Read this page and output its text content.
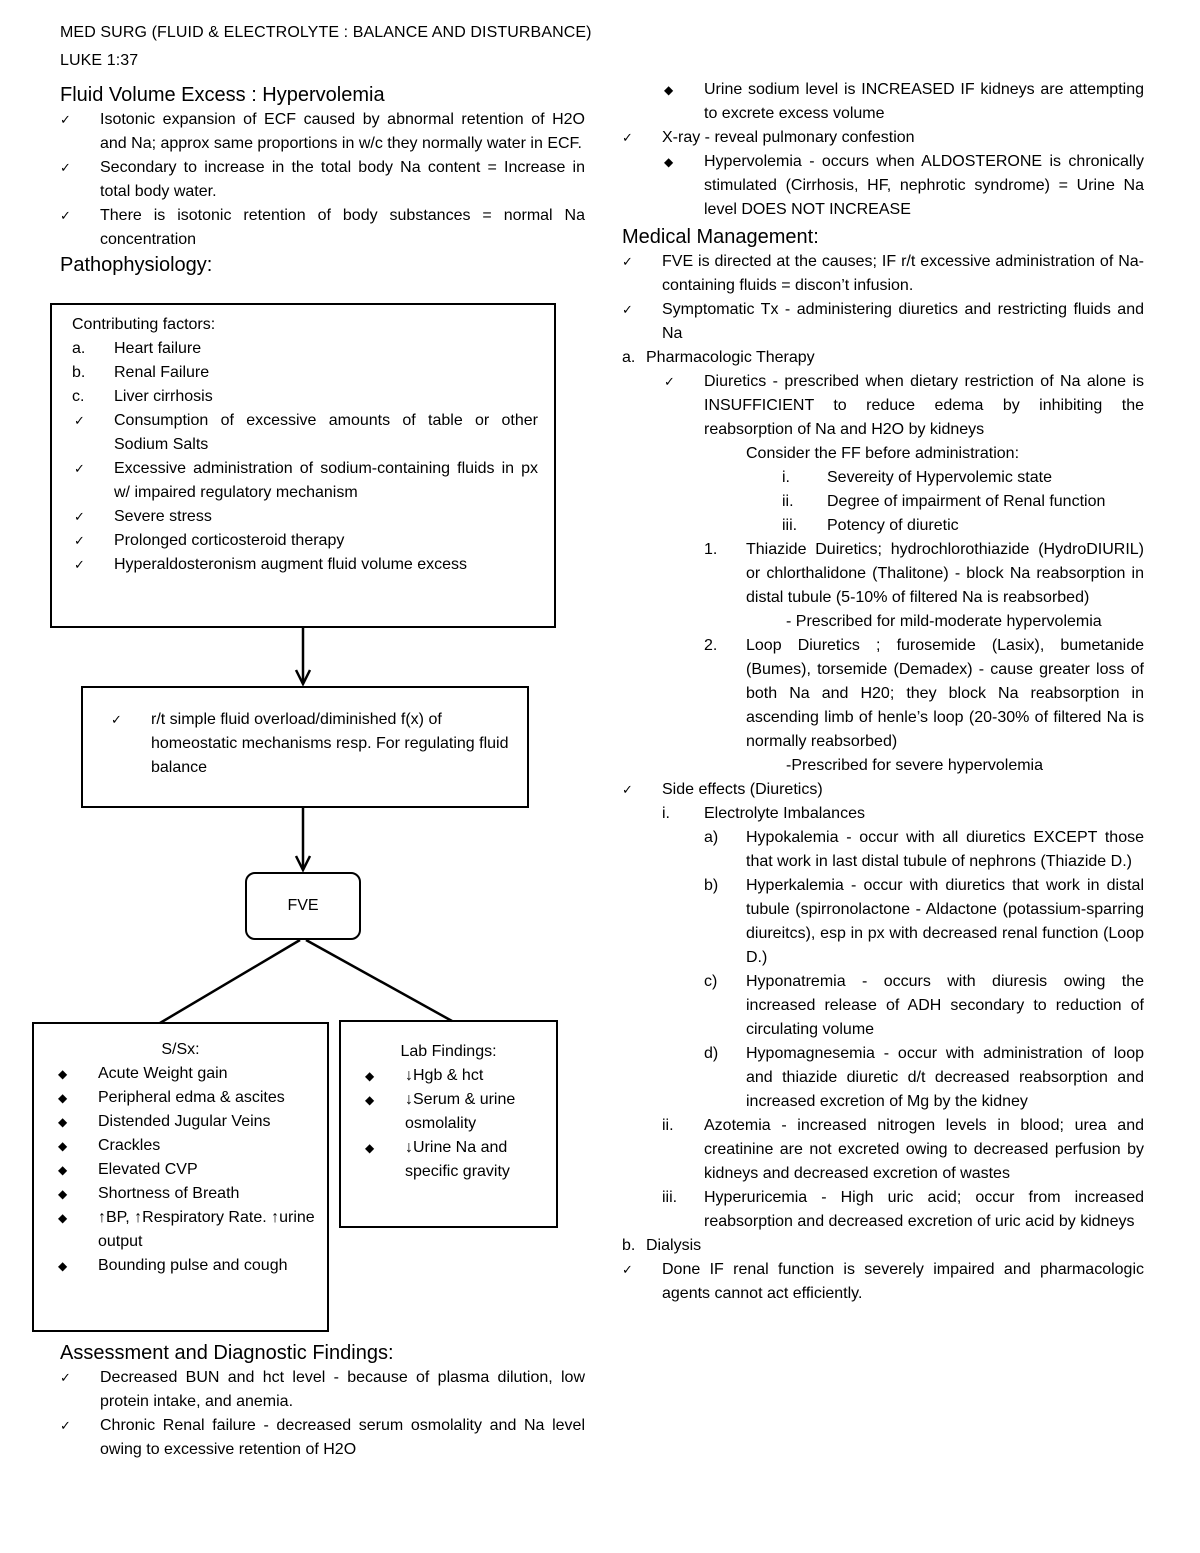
MED SURG (FLUID & ELECTROLYTE : BALANCE AND DISTURBANCE)
LUKE 1:37
Fluid Volume Excess : Hypervolemia
✓ Isotonic expansion of ECF caused by abnormal retention of H2O and Na; approx same proportions in w/c they normally water in ECF.
✓ Secondary to increase in the total body Na content = Increase in total body water.
✓ There is isotonic retention of body substances = normal Na concentration
Pathophysiology:
Contributing factors:
a. Heart failure
b. Renal Failure
c. Liver cirrhosis
✓ Consumption of excessive amounts of table or other Sodium Salts
✓ Excessive administration of sodium-containing fluids in px w/ impaired regulatory mechanism
✓ Severe stress
✓ Prolonged corticosteroid therapy
✓ Hyperaldosteronism augment fluid volume excess
✓ r/t simple fluid overload/diminished f(x) of homeostatic mechanisms resp. For regulating fluid balance
FVE
S/Sx:
◆ Acute Weight gain
◆ Peripheral edma & ascites
◆ Distended Jugular Veins
◆ Crackles
◆ Elevated CVP
◆ Shortness of Breath
◆ ↑BP, ↑Respiratory Rate. ↑urine output
◆ Bounding pulse and cough
Lab Findings:
◆ ↓Hgb & hct
◆ ↓Serum & urine osmolality
◆ ↓Urine Na and specific gravity
Assessment and Diagnostic Findings:
✓ Decreased BUN and hct level - because of plasma dilution, low protein intake, and anemia.
✓ Chronic Renal failure - decreased serum osmolality and Na level owing to excessive retention of H2O
◆ Urine sodium level is INCREASED IF kidneys are attempting to excrete excess volume
✓ X-ray - reveal pulmonary confestion
◆ Hypervolemia - occurs when ALDOSTERONE is chronically stimulated (Cirrhosis, HF, nephrotic syndrome) = Urine Na level DOES NOT INCREASE
Medical Management:
✓ FVE is directed at the causes; IF r/t excessive administration of Na-containing fluids = discon’t infusion.
✓ Symptomatic Tx - administering diuretics and restricting fluids and Na
a. Pharmacologic Therapy
✓ Diuretics - prescribed when dietary restriction of Na alone is INSUFFICIENT to reduce edema by inhibiting the reabsorption of Na and H2O by kidneys
Consider the FF before administration:
i. Severeity of Hypervolemic state
ii. Degree of impairment of Renal function
iii. Potency of diuretic
1. Thiazide Duiretics; hydrochlorothiazide (HydroDIURIL) or chlorthalidone (Thalitone) - block Na reabsorption in distal tubule (5-10% of filtered Na is reabsorbed)
- Prescribed for mild-moderate hypervolemia
2. Loop Diuretics ; furosemide (Lasix), bumetanide (Bumes), torsemide (Demadex) - cause greater loss of both Na and H20; they block Na reabsorption in ascending limb of henle’s loop (20-30% of filtered Na is normally reabsorbed)
-Prescribed for severe hypervolemia
✓ Side effects (Diuretics)
i. Electrolyte Imbalances
a) Hypokalemia - occur with all diuretics EXCEPT those that work in last distal tubule of nephrons (Thiazide D.)
b) Hyperkalemia - occur with diuretics that work in distal tubule (spirronolactone - Aldactone (potassium-sparring diureitcs), esp in px with decreased renal function (Loop D.)
c) Hyponatremia - occurs with diuresis owing the increased release of ADH secondary to reduction of circulating volume
d) Hypomagnesemia - occur with administration of loop and thiazide diuretic d/t decreased reabsorption and increased excretion of Mg by the kidney
ii. Azotemia - increased nitrogen levels in blood; urea and creatinine are not excreted owing to decreased perfusion by kidneys and decreased excretion of wastes
iii. Hyperuricemia - High uric acid; occur from increased reabsorption and decreased excretion of uric acid by kidneys
b. Dialysis
✓ Done IF renal function is severely impaired and pharmacologic agents cannot act efficiently.
